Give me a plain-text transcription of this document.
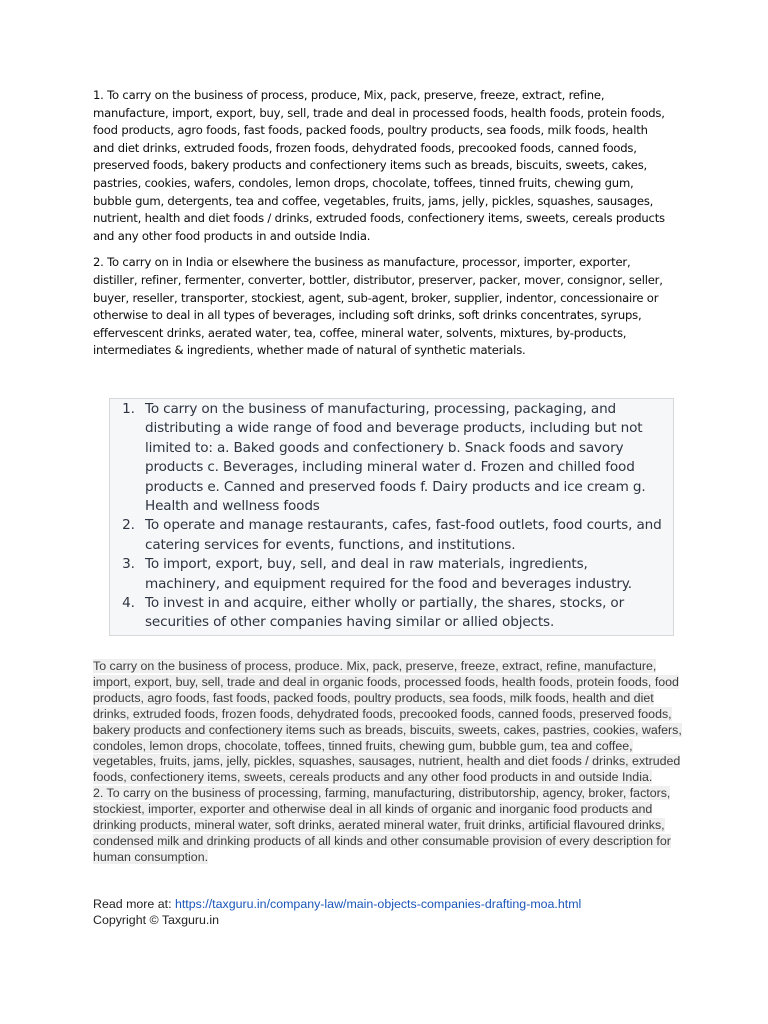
1. To carry on the business of process, produce, Mix, pack, preserve, freeze, extract, refine, manufacture, import, export, buy, sell, trade and deal in processed foods, health foods, protein foods, food products, agro foods, fast foods, packed foods, poultry products, sea foods, milk foods, health and diet drinks, extruded foods, frozen foods, dehydrated foods, precooked foods, canned foods, preserved foods, bakery products and confectionery items such as breads, biscuits, sweets, cakes, pastries, cookies, wafers, condoles, lemon drops, chocolate, toffees, tinned fruits, chewing gum, bubble gum, detergents, tea and coffee, vegetables, fruits, jams, jelly, pickles, squashes, sausages, nutrient, health and diet foods / drinks, extruded foods, confectionery items, sweets, cereals products and any other food products in and outside India.

2. To carry on in India or elsewhere the business as manufacture, processor, importer, exporter, distiller, refiner, fermenter, converter, bottler, distributor, preserver, packer, mover, consignor, seller, buyer, reseller, transporter, stockiest, agent, sub-agent, broker, supplier, indentor, concessionaire or otherwise to deal in all types of beverages, including soft drinks, soft drinks concentrates, syrups, effervescent drinks, aerated water, tea, coffee, mineral water, solvents, mixtures, by-products, intermediates & ingredients, whether made of natural of synthetic materials.

1. To carry on the business of manufacturing, processing, packaging, and distributing a wide range of food and beverage products, including but not limited to: a. Baked goods and confectionery b. Snack foods and savory products c. Beverages, including mineral water d. Frozen and chilled food products e. Canned and preserved foods f. Dairy products and ice cream g. Health and wellness foods
2. To operate and manage restaurants, cafes, fast-food outlets, food courts, and catering services for events, functions, and institutions.
3. To import, export, buy, sell, and deal in raw materials, ingredients, machinery, and equipment required for the food and beverages industry.
4. To invest in and acquire, either wholly or partially, the shares, stocks, or securities of other companies having similar or allied objects.

To carry on the business of process, produce. Mix, pack, preserve, freeze, extract, refine, manufacture, import, export, buy, sell, trade and deal in organic foods, processed foods, health foods, protein foods, food products, agro foods, fast foods, packed foods, poultry products, sea foods, milk foods, health and diet drinks, extruded foods, frozen foods, dehydrated foods, precooked foods, canned foods, preserved foods, bakery products and confectionery items such as breads, biscuits, sweets, cakes, pastries, cookies, wafers, condoles, lemon drops, chocolate, toffees, tinned fruits, chewing gum, bubble gum, tea and coffee, vegetables, fruits, jams, jelly, pickles, squashes, sausages, nutrient, health and diet foods / drinks, extruded foods, confectionery items, sweets, cereals products and any other food products in and outside India.
2. To carry on the business of processing, farming, manufacturing, distributorship, agency, broker, factors, stockiest, importer, exporter and otherwise deal in all kinds of organic and inorganic food products and drinking products, mineral water, soft drinks, aerated mineral water, fruit drinks, artificial flavoured drinks, condensed milk and drinking products of all kinds and other consumable provision of every description for human consumption.

Read more at: https://taxguru.in/company-law/main-objects-companies-drafting-moa.html
Copyright © Taxguru.in
